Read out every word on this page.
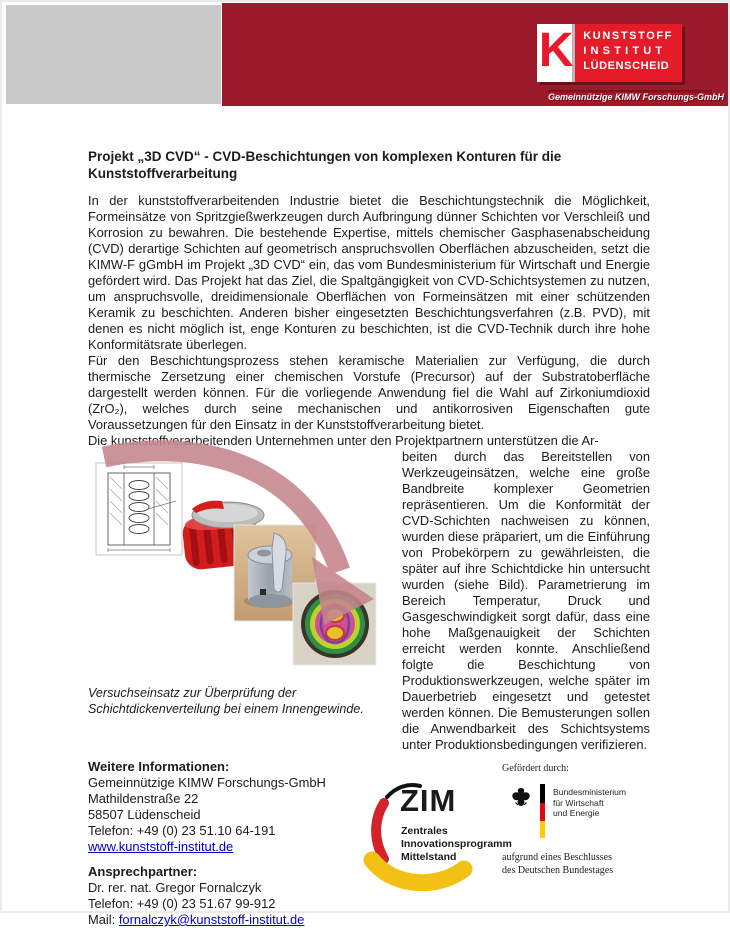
K KUNSTSTOFF
INSTITUT
LÜDENSCHEID
Gemeinnützige KIMW Forschungs-GmbH
Projekt „3D CVD“ - CVD-Beschichtungen von komplexen Konturen für die Kunststoffverarbeitung

In der kunststoffverarbeitenden Industrie bietet die Beschichtungstechnik die Möglichkeit, Formeinsätze von Spritzgießwerkzeugen durch Aufbringung dünner Schichten vor Verschleiß und Korrosion zu bewahren. Die bestehende Expertise, mittels chemischer Gasphasenabscheidung (CVD) derartige Schichten auf geometrisch anspruchsvollen Oberflächen abzuscheiden, setzt die KIMW-F gGmbH im Projekt „3D CVD“ ein, das vom Bundesministerium für Wirtschaft und Energie gefördert wird. Das Projekt hat das Ziel, die Spaltgängigkeit von CVD-Schichtsystemen zu nutzen, um anspruchsvolle, dreidimensionale Oberflächen von Formeinsätzen mit einer schützenden Keramik zu beschichten. Anderen bisher eingesetzten Beschichtungsverfahren (z.B. PVD), mit denen es nicht möglich ist, enge Konturen zu beschichten, ist die CVD-Technik durch ihre hohe Konformitätsrate überlegen.

Für den Beschichtungsprozess stehen keramische Materialien zur Verfügung, die durch thermische Zersetzung einer chemischen Vorstufe (Precursor) auf der Substratoberfläche dargestellt werden können. Für die vorliegende Anwendung fiel die Wahl auf Zirkoniumdioxid (ZrO₂), welches durch seine mechanischen und antikorrosiven Eigenschaften gute Voraussetzungen für den Einsatz in der Kunststoffverarbeitung bietet.

Die kunststoffverarbeitenden Unternehmen unter den Projektpartnern unterstützen die Ar-

Versuchseinsatz zur Überprüfung der Schichtdickenverteilung bei einem Innengewinde.

beiten durch das Bereitstellen von Werkzeugeinsätzen, welche eine große Bandbreite komplexer Geometrien repräsentieren. Um die Konformität der CVD-Schichten nachweisen zu können, wurden diese präpariert, um die Einführung von Probekörpern zu gewährleisten, die später auf ihre Schichtdicke hin untersucht wurden (siehe Bild). Parametrierung im Bereich Temperatur, Druck und Gasgeschwindigkeit sorgt dafür, dass eine hohe Maßgenauigkeit der Schichten erreicht werden konnte. Anschließend folgte die Beschichtung von Produktionswerkzeugen, welche später im Dauerbetrieb eingesetzt und getestet werden können. Die Bemusterungen sollen die Anwendbarkeit des Schichtsystems unter Produktionsbedingungen verifizieren.

Weitere Informationen:
Gemeinnützige KIMW Forschungs-GmbH
Mathildenstraße 22
58507 Lüdenscheid
Telefon: +49 (0) 23 51.10 64-191
www.kunststoff-institut.de
Ansprechpartner:
Dr. rer. nat. Gregor Fornalczyk
Telefon: +49 (0) 23 51.67 99-912
Mail: fornalczyk@kunststoff-institut.de
ZIM
Zentrales
Innovationsprogramm
Mittelstand
Gefördert durch:
Bundesministerium
für Wirtschaft
und Energie
aufgrund eines Beschlusses
des Deutschen Bundestages
